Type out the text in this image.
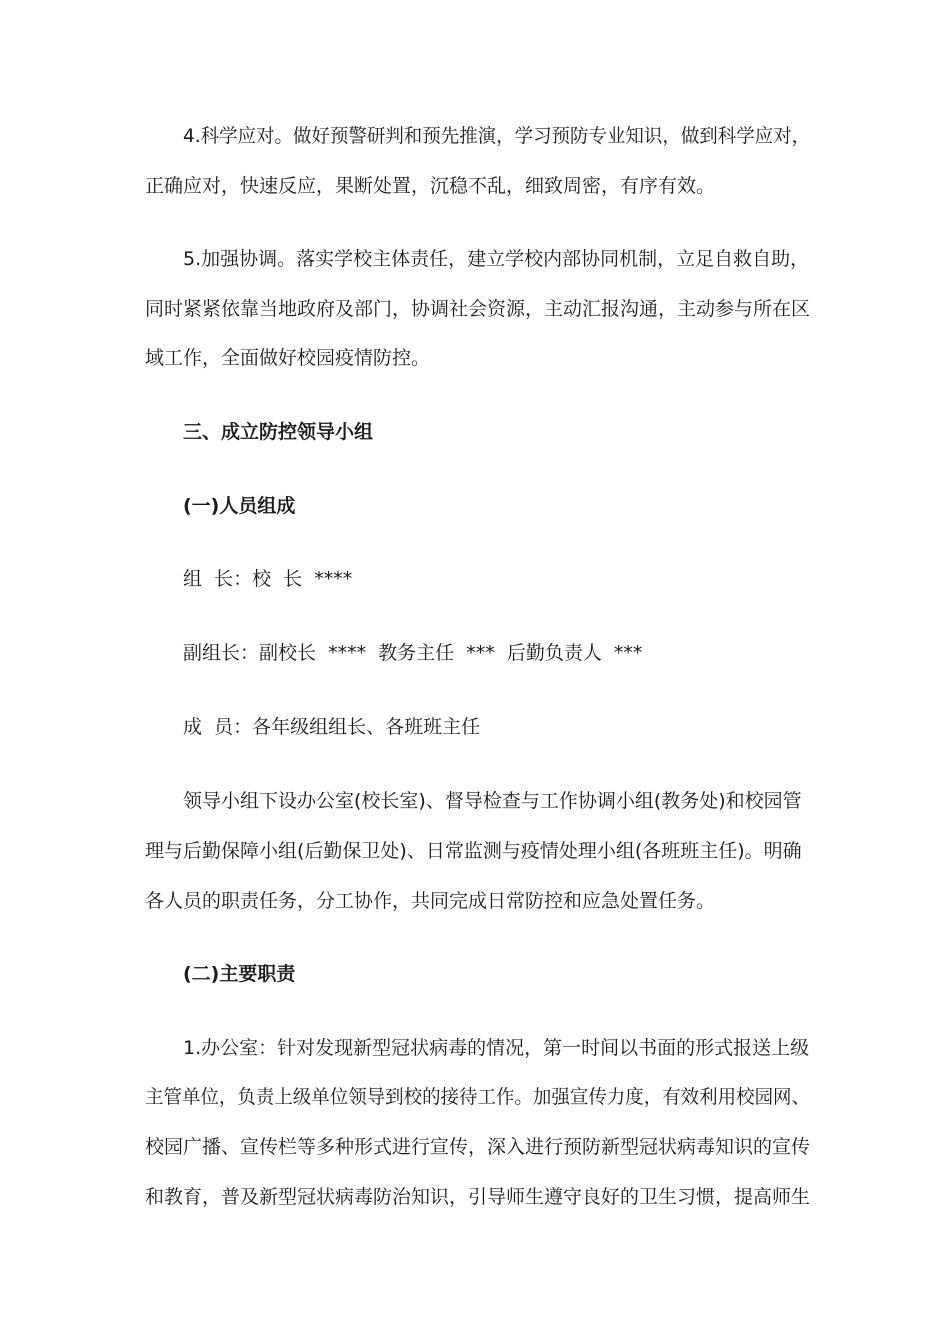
4.科学应对。做好预警研判和预先推演，学习预防专业知识，做到科学应对，
正确应对，快速反应，果断处置，沉稳不乱，细致周密，有序有效。
5.加强协调。落实学校主体责任，建立学校内部协同机制，立足自救自助，
同时紧紧依靠当地政府及部门，协调社会资源，主动汇报沟通，主动参与所在区
域工作，全面做好校园疫情防控。
三、成立防控领导小组
(一)人员组成
组  长：校  长  ****
副组长：副校长  ****  教务主任  ***  后勤负责人  ***
成  员：各年级组组长、各班班主任
领导小组下设办公室(校长室)、督导检查与工作协调小组(教务处)和校园管
理与后勤保障小组(后勤保卫处)、日常监测与疫情处理小组(各班班主任)。明确
各人员的职责任务，分工协作，共同完成日常防控和应急处置任务。
(二)主要职责
1.办公室：针对发现新型冠状病毒的情况，第一时间以书面的形式报送上级
主管单位，负责上级单位领导到校的接待工作。加强宣传力度，有效利用校园网、
校园广播、宣传栏等多种形式进行宣传，深入进行预防新型冠状病毒知识的宣传
和教育，普及新型冠状病毒防治知识，引导师生遵守良好的卫生习惯，提高师生
